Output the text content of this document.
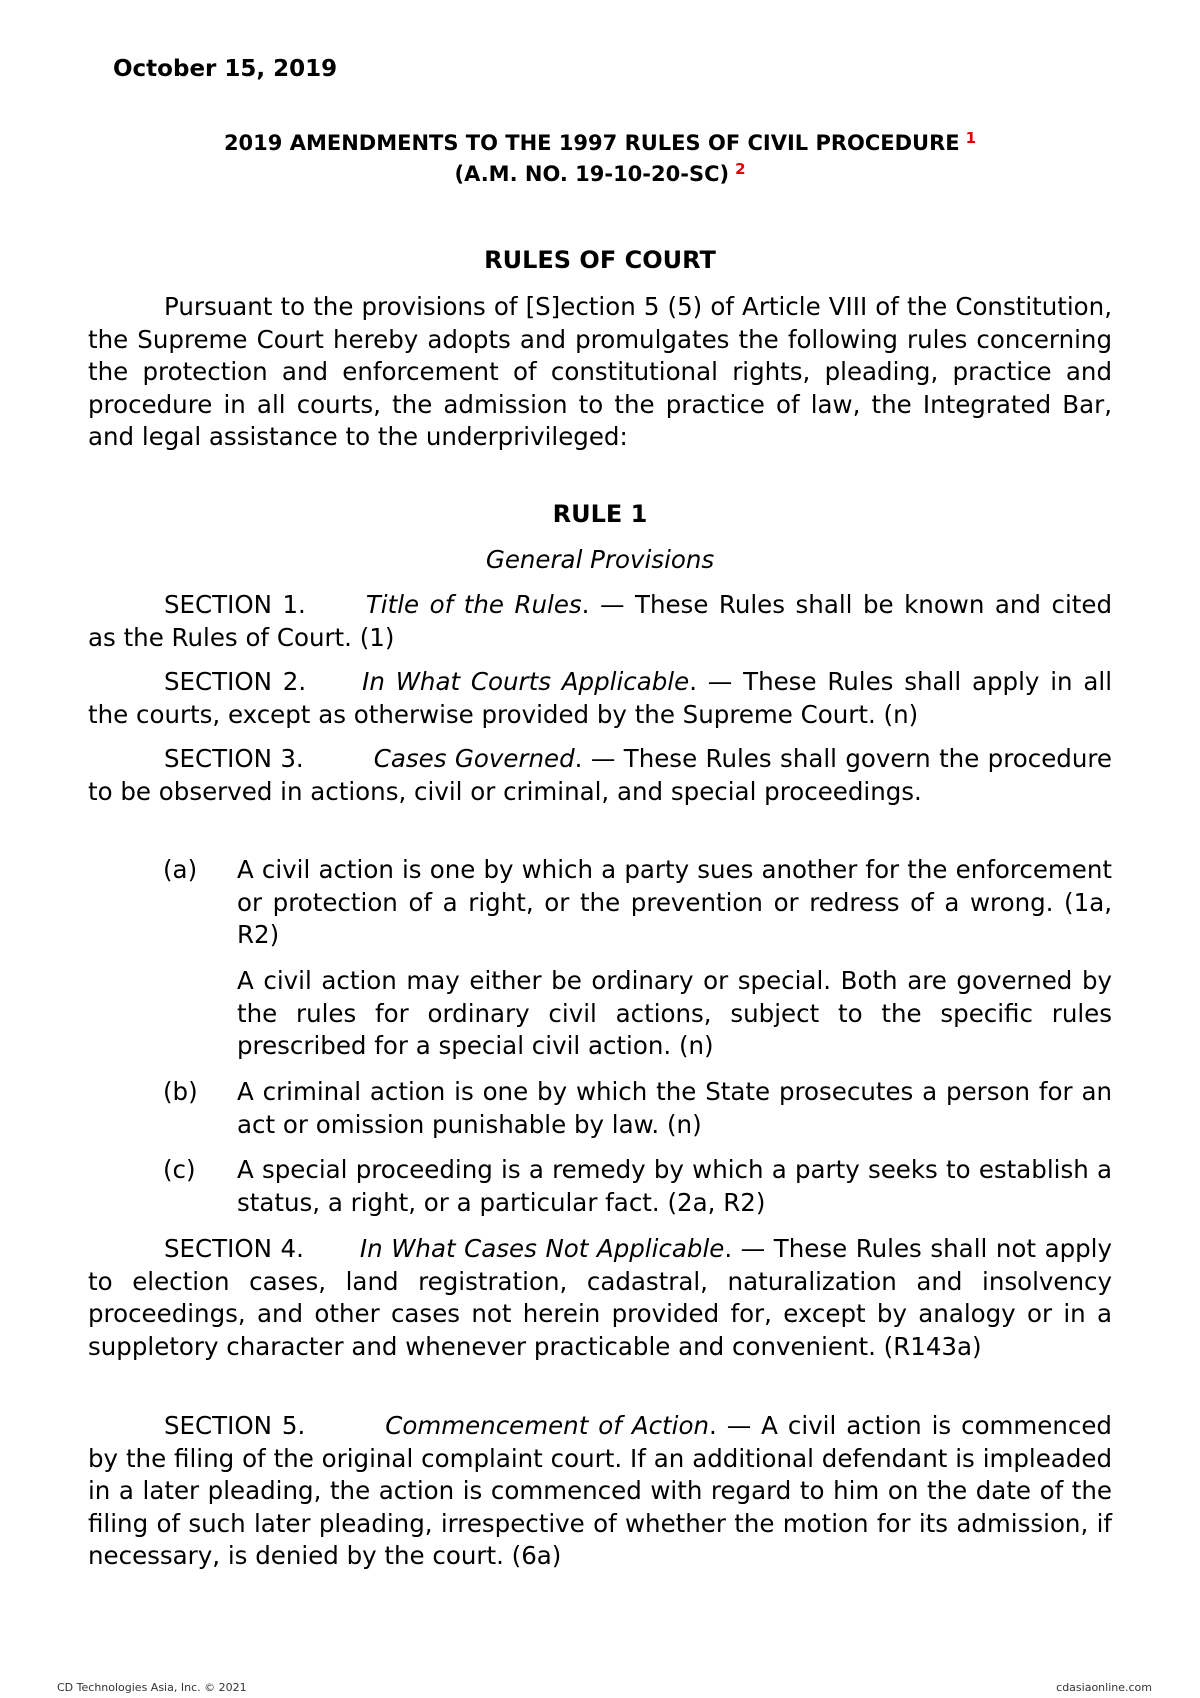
October 15, 2019
2019 AMENDMENTS TO THE 1997 RULES OF CIVIL PROCEDURE $^1$
(A.M. NO. 19-10-20-SC) $^2$
RULES OF COURT
Pursuant to the provisions of [S]ection 5 (5) of Article VIII of the Constitution, the Supreme Court hereby adopts and promulgates the following rules concerning the protection and enforcement of constitutional rights, pleading, practice and procedure in all courts, the admission to the practice of law, the Integrated Bar, and legal assistance to the underprivileged:
RULE 1
General Provisions
SECTION 1. Title of the Rules. — These Rules shall be known and cited as the Rules of Court. (1)
SECTION 2. In What Courts Applicable. — These Rules shall apply in all the courts, except as otherwise provided by the Supreme Court. (n)
SECTION 3.	Cases Governed. — These Rules shall govern the procedure to be observed in actions, civil or criminal, and special proceedings.
(a) A civil action is one by which a party sues another for the enforcement or protection of a right, or the prevention or redress of a wrong. (1a, R2)
A civil action may either be ordinary or special. Both are governed by the rules for ordinary civil actions, subject to the specific rules prescribed for a special civil action. (n)
(b) A criminal action is one by which the State prosecutes a person for an act or omission punishable by law. (n)
(c) A special proceeding is a remedy by which a party seeks to establish a status, a right, or a particular fact. (2a, R2)
SECTION 4. In What Cases Not Applicable. — These Rules shall not apply to election cases, land registration, cadastral, naturalization and insolvency proceedings, and other cases not herein provided for, except by analogy or in a suppletory character and whenever practicable and convenient. (R143a)
SECTION 5.	Commencement of Action. — A civil action is commenced by the filing of the original complaint court. If an additional defendant is impleaded in a later pleading, the action is commenced with regard to him on the date of the filing of such later pleading, irrespective of whether the motion for its admission, if necessary, is denied by the court. (6a)
CD Technologies Asia, Inc. © 2021	cdasiaonline.com
